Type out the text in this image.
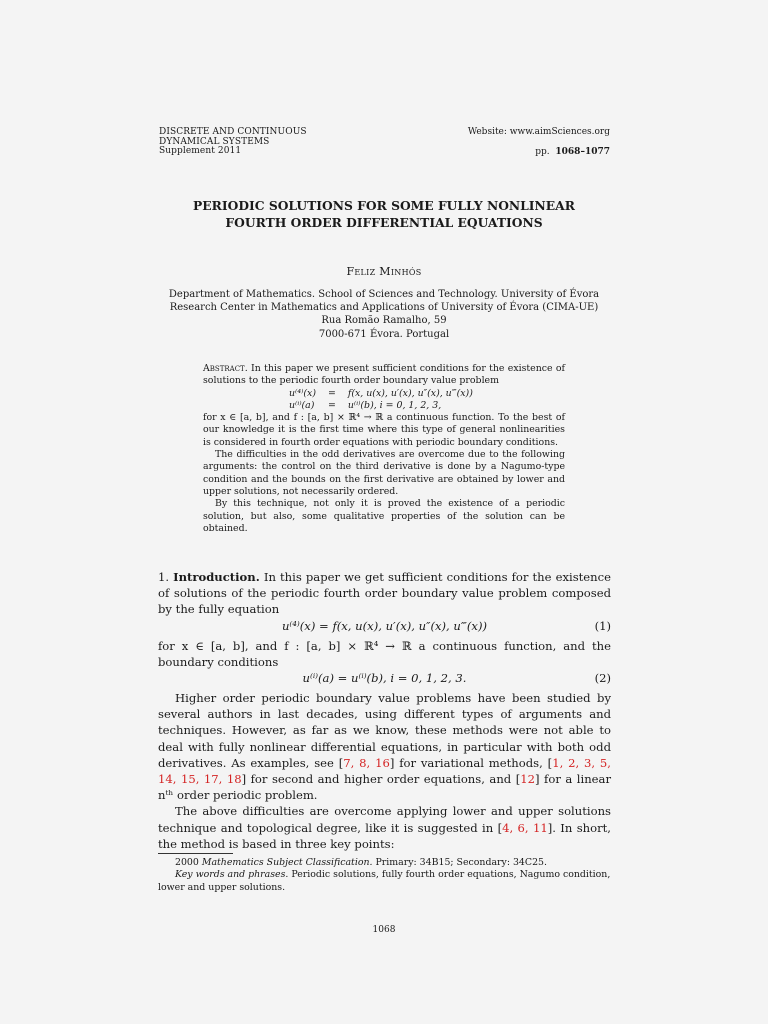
DISCRETE AND CONTINUOUS
DYNAMICAL SYSTEMS
Supplement 2011
Website: www.aimSciences.org
pp. 1068–1077
PERIODIC SOLUTIONS FOR SOME FULLY NONLINEAR
FOURTH ORDER DIFFERENTIAL EQUATIONS
Feliz Minhós
Department of Mathematics. School of Sciences and Technology. University of Évora
Research Center in Mathematics and Applications of University of Évora (CIMA-UE)
Rua Romão Ramalho, 59
7000-671 Évora. Portugal

Abstract. In this paper we present sufficient conditions for the existence of solutions to the periodic fourth order boundary value problem

u⁽⁴⁾(x)	=	f(x, u(x), u′(x), u″(x), u‴(x))
u⁽ⁱ⁾(a)	=	u⁽ⁱ⁾(b), i = 0, 1, 2, 3,

for x ∈ [a, b], and f : [a, b] × ℝ⁴ → ℝ a continuous function. To the best of our knowledge it is the first time where this type of general nonlinearities is considered in fourth order equations with periodic boundary conditions.

The difficulties in the odd derivatives are overcome due to the following arguments: the control on the third derivative is done by a Nagumo-type condition and the bounds on the first derivative are obtained by lower and upper solutions, not necessarily ordered.

By this technique, not only it is proved the existence of a periodic solution, but also, some qualitative properties of the solution can be obtained.

1. Introduction. In this paper we get sufficient conditions for the existence of solutions of the periodic fourth order boundary value problem composed by the fully equation

u⁽⁴⁾(x) = f(x, u(x), u′(x), u″(x), u‴(x))	(1)

for x ∈ [a, b], and f : [a, b] × ℝ⁴ → ℝ a continuous function, and the boundary conditions

u⁽ⁱ⁾(a) = u⁽ⁱ⁾(b), i = 0, 1, 2, 3.	(2)

Higher order periodic boundary value problems have been studied by several authors in last decades, using different types of arguments and techniques. However, as far as we know, these methods were not able to deal with fully nonlinear differential equations, in particular with both odd derivatives. As examples, see [7, 8, 16] for variational methods, [1, 2, 3, 5, 14, 15, 17, 18] for second and higher order equations, and [12] for a linear nᵗʰ order periodic problem.

The above difficulties are overcome applying lower and upper solutions technique and topological degree, like it is suggested in [4, 6, 11]. In short, the method is based in three key points:

2000 Mathematics Subject Classification. Primary: 34B15; Secondary: 34C25.

Key words and phrases. Periodic solutions, fully fourth order equations, Nagumo condition, lower and upper solutions.

1068
